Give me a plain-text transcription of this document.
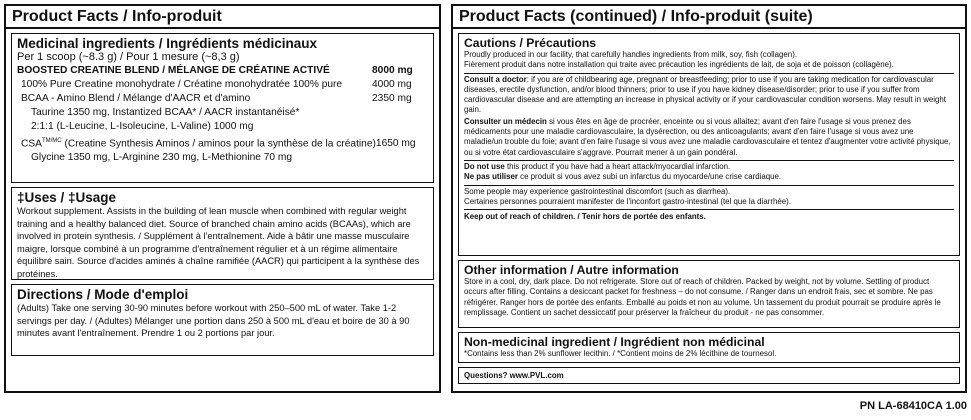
Product Facts / Info-produit
Medicinal ingredients / Ingrédients médicinaux
Per 1 scoop (~8.3 g) / Pour 1 mesure (~8,3 g)
BOOSTED CREATINE BLEND / MÉLANGE DE CRÉATINE ACTIVÉ	8000 mg
100% Pure Creatine monohydrate / Créatine monohydratée 100% pure	4000 mg
BCAA - Amino Blend / Mélange d'AACR et d'amino	2350 mg
Taurine 1350 mg, Instantized BCAA* / AACR instantanéisé*
2:1:1 (L-Leucine, L-Isoleucine, L-Valine) 1000 mg
$CSA^{TM/MC}$ (Creatine Synthesis Aminos / aminos pour la synthèse de la créatine) 1650 mg
Glycine 1350 mg, L-Arginine 230 mg, L-Methionine 70 mg
‡Uses / ‡Usage
Workout supplement. Assists in the building of lean muscle when combined with regular weight training and a healthy balanced diet. Source of branched chain amino acids (BCAAs), which are involved in protein synthesis. / Supplément à l'entraînement. Aide à bâtir une masse musculaire maigre, lorsque combiné à un programme d'entraînement régulier et à un régime alimentaire équilibré sain. Source d'acides aminés à chaîne ramifiée (AACR) qui participent à la synthèse des protéines.
Directions / Mode d'emploi
(Adults) Take one serving 30-90 minutes before workout with 250–500 mL of water. Take 1-2 servings per day. / (Adultes) Mélanger une portion dans 250 à 500 mL d'eau et boire de 30 à 90 minutes avant l'entraînement. Prendre 1 ou 2 portions par jour.
Product Facts (continued) / Info-produit (suite)
Cautions / Précautions
Proudly produced in our facility, that carefully handles ingredients from milk, soy, fish (collagen).
Fièrement produit dans notre installation qui traite avec précaution les ingrédients de lait, de soja et de poisson (collagène).
Consult a doctor: if you are of childbearing age, pregnant or breastfeeding; prior to use if you are taking medication for cardiovascular diseases, erectile dysfunction, and/or blood thinners; prior to use if you have kidney disease/disorder; prior to use if you suffer from cardiovascular disease and are attempting an increase in physical activity or if your cardiovascular condition worsens. May result in weight gain.
Consulter un médecin si vous êtes en âge de procréer, enceinte ou si vous allaitez; avant d'en faire l'usage si vous prenez des médicaments pour une maladie cardiovasculaire, la dysérection, ou des anticoagulants; avant d'en faire l'usage si vous avez une maladie/un trouble du foie; avant d'en faire l'usage si vous avez une maladie cardiovasculaire et tentez d'augmenter votre activité physique, ou si votre état cardiovasculaire s'aggrave. Pourrait mener à un gain pondéral.
Do not use this product if you have had a heart attack/myocardial infarction.
Ne pas utiliser ce produit si vous avez subi un infarctus du myocarde/une crise cardiaque.
Some people may experience gastrointestinal discomfort (such as diarrhea).
Certaines personnes pourraient manifester de l'inconfort gastro-intestinal (tel que la diarrhée).
Keep out of reach of children. / Tenir hors de portée des enfants.
Other information / Autre information
Store in a cool, dry, dark place. Do not refrigerate. Store out of reach of children. Packed by weight, not by volume. Settling of product occurs after filling. Contains a desiccant packet for freshness – do not consume. / Ranger dans un endroit frais, sec et sombre. Ne pas réfrigérer. Ranger hors de portée des enfants. Emballé au poids et non au volume. Un tassement du produit pourrait se produire après le remplissage. Contient un sachet dessiccatif pour préserver la fraîcheur du produit - ne pas consommer.
Non-medicinal ingredient / Ingrédient non médicinal
*Contains less than 2% sunflower lecithin. / *Contient moins de 2% lécithine de tournesol.
Questions? www.PVL.com
PN LA-68410CA 1.00
